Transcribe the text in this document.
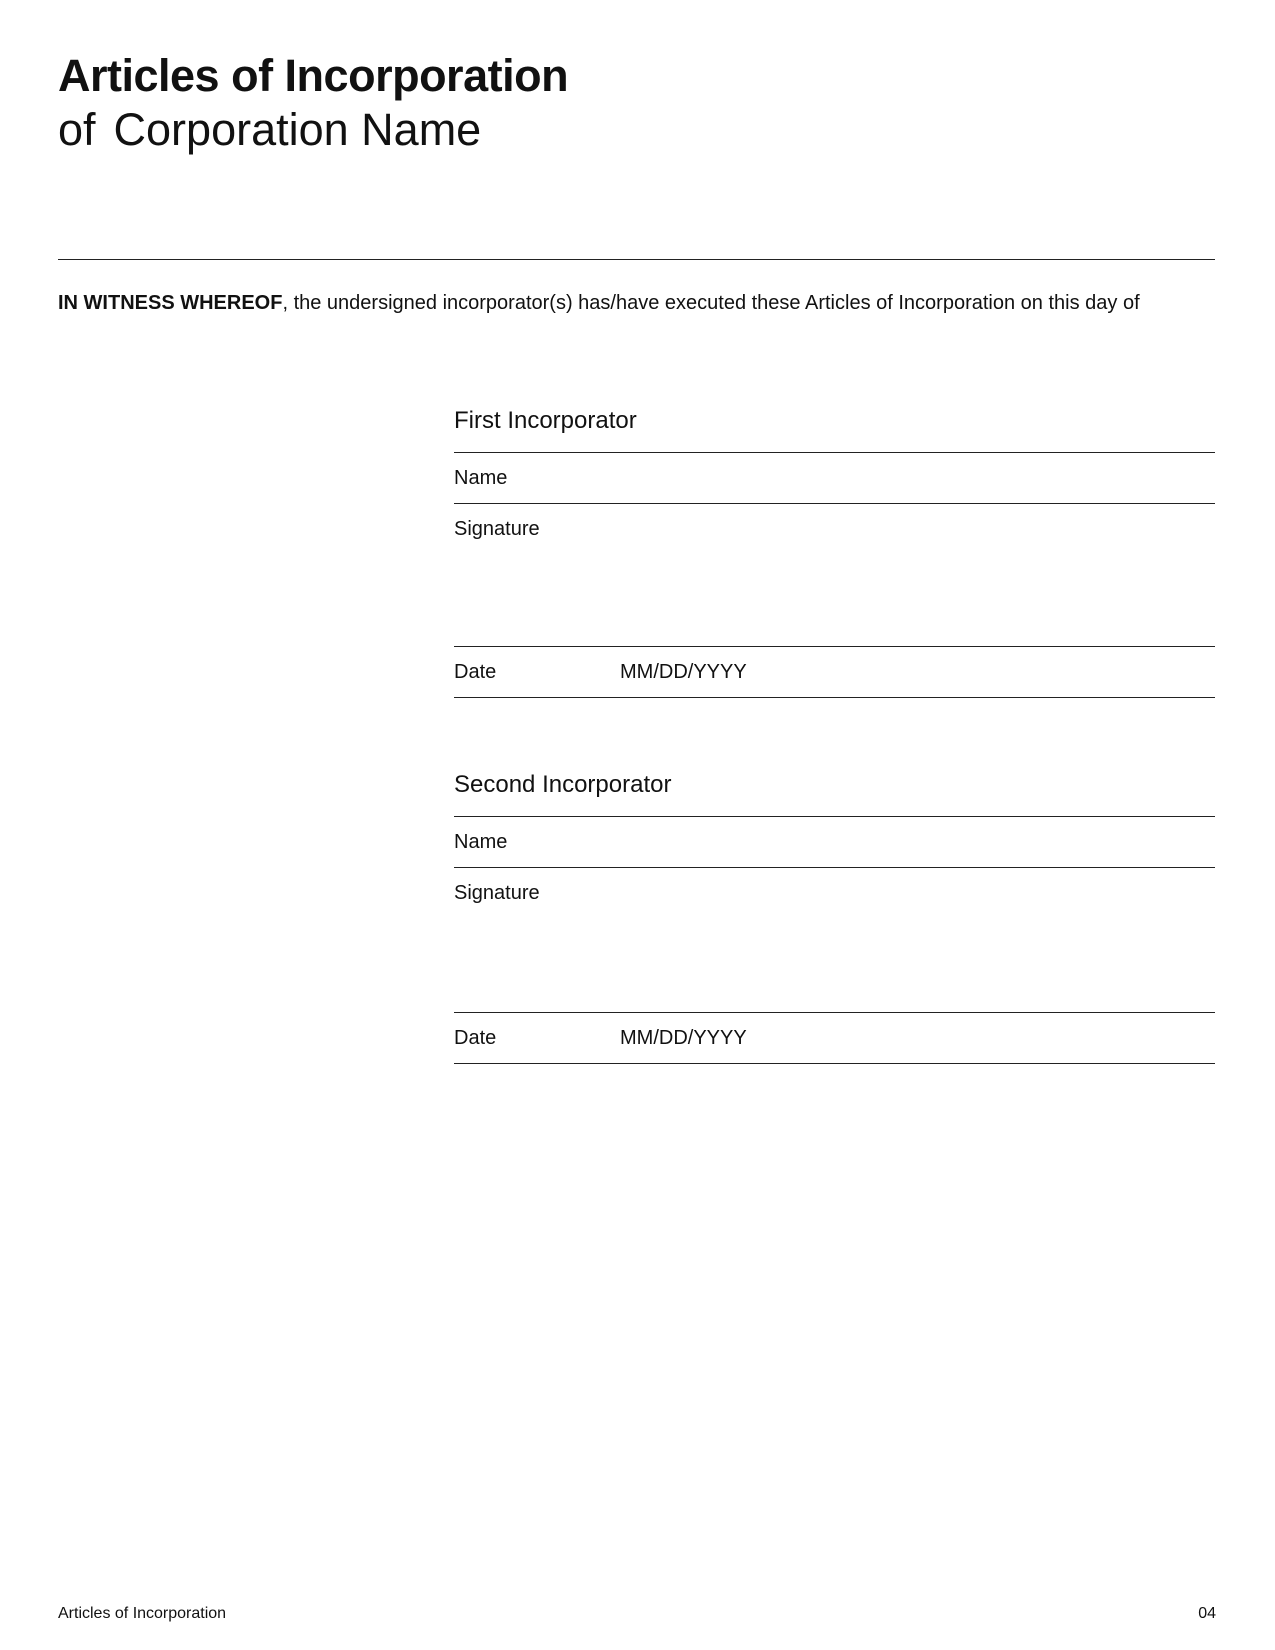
Articles of Incorporation
of Corporation Name
IN WITNESS WHEREOF, the undersigned incorporator(s) has/have executed these Articles of Incorporation on this day of
First Incorporator
Name
Signature
Date	MM/DD/YYYY
Second Incorporator
Name
Signature
Date	MM/DD/YYYY
Articles of Incorporation	04
